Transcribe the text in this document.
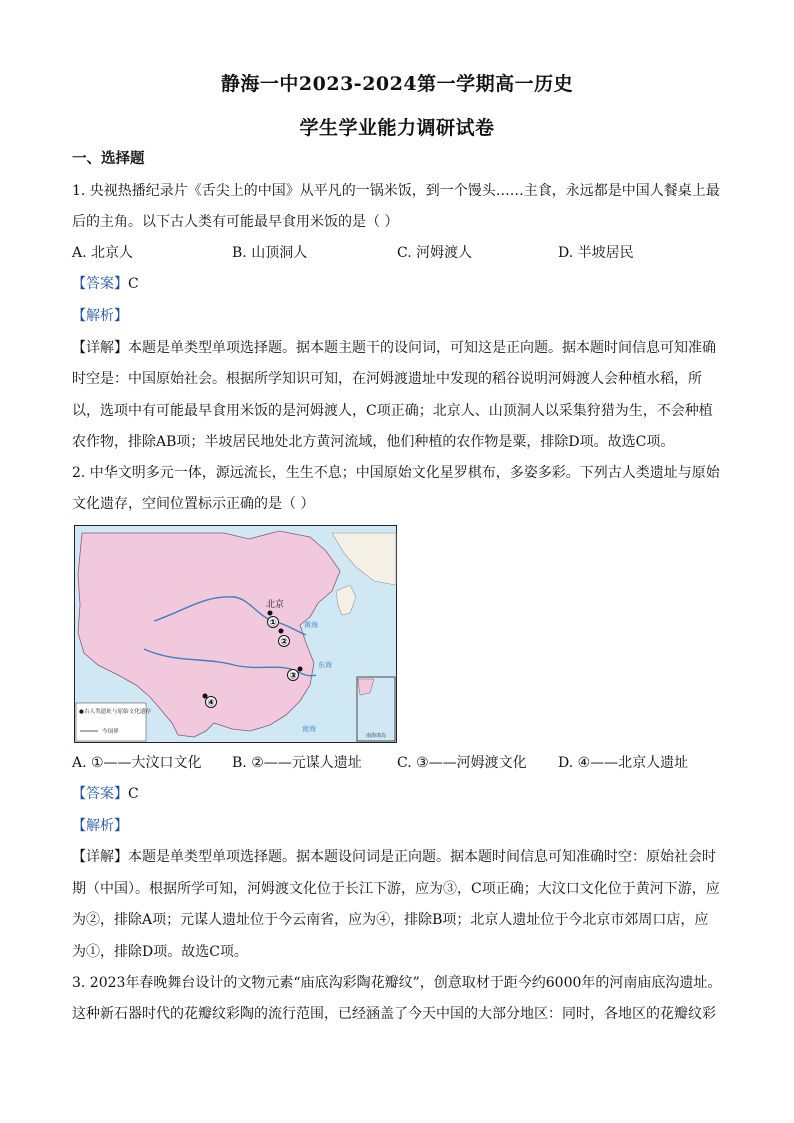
静海一中2023-2024第一学期高一历史
学生学业能力调研试卷
一、选择题
1. 央视热播纪录片《舌尖上的中国》从平凡的一锅米饭，到一个馒头……主食，永远都是中国人餐桌上最
后的主角。以下古人类有可能最早食用米饭的是（ ）
A. 北京人	B. 山顶洞人	C. 河姆渡人	D. 半坡居民
【答案】C
【解析】
【详解】本题是单类型单项选择题。据本题主题干的设问词，可知这是正向题。据本题时间信息可知准确
时空是：中国原始社会。根据所学知识可知，在河姆渡遗址中发现的稻谷说明河姆渡人会种植水稻，所
以，选项中有可能最早食用米饭的是河姆渡人，C项正确；北京人、山顶洞人以采集狩猎为生，不会种植
农作物，排除AB项；半坡居民地处北方黄河流域，他们种植的农作物是粟，排除D项。故选C项。
2. 中华文明多元一体，源远流长，生生不息；中国原始文化星罗棋布，多姿多彩。下列古人类遗址与原始
文化遗存，空间位置标示正确的是（ ）
南海诸岛
黄海
东海
南海
北京
①
②
③
④
●古人类遗址与原始文化遗存
今国界
A. ①——大汶口文化 B. ②——元谋人遗址	C. ③——河姆渡文化 D. ④——北京人遗址
【答案】C
【解析】
【详解】本题是单类型单项选择题。据本题设问词是正向题。据本题时间信息可知准确时空：原始社会时
期（中国）。根据所学可知，河姆渡文化位于长江下游，应为③，C项正确；大汶口文化位于黄河下游，应
为②，排除A项；元谋人遗址位于今云南省，应为④，排除B项；北京人遗址位于今北京市郊周口店，应
为①，排除D项。故选C项。
3. 2023年春晚舞台设计的文物元素“庙底沟彩陶花瓣纹”，创意取材于距今约6000年的河南庙底沟遗址。
这种新石器时代的花瓣纹彩陶的流行范围，已经涵盖了今天中国的大部分地区：同时，各地区的花瓣纹彩
